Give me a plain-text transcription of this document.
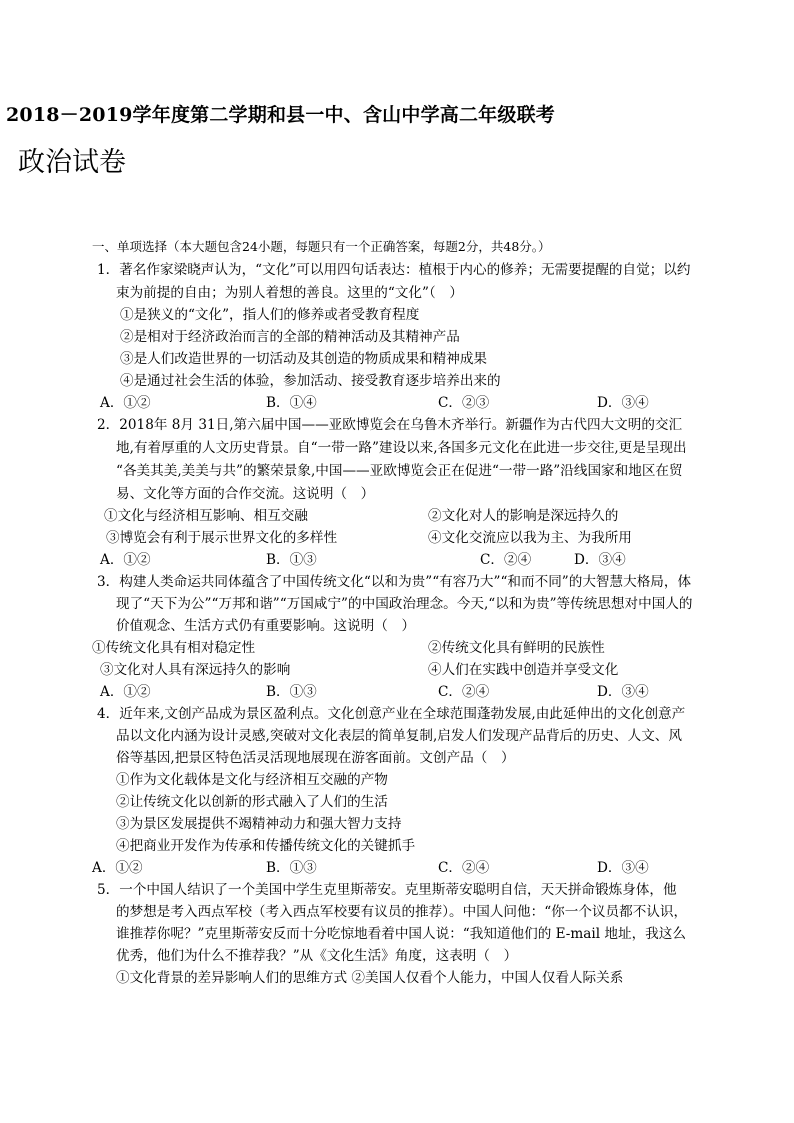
2018－2019学年度第二学期和县一中、含山中学高二年级联考
政治试卷
一、单项选择（本大题包含24小题，每题只有一个正确答案，每题2分，共48分。）
1．著名作家梁晓声认为，“文化”可以用四句话表达：植根于内心的修养；无需要提醒的自觉；以约
束为前提的自由；为别人着想的善良。这里的“文化”（　）
①是狭义的“文化”，指人们的修养或者受教育程度
②是相对于经济政治而言的全部的精神活动及其精神产品
③是人们改造世界的一切活动及其创造的物质成果和精神成果
④是通过社会生活的体验，参加活动、接受教育逐步培养出来的
A．①②	B．①④	C．②③	D．③④
2．2018年 8月 31日,第六届中国——亚欧博览会在乌鲁木齐举行。新疆作为古代四大文明的交汇
地,有着厚重的人文历史背景。自“一带一路”建设以来,各国多元文化在此进一步交往,更是呈现出
“各美其美,美美与共”的繁荣景象,中国——亚欧博览会正在促进“一带一路”沿线国家和地区在贸
易、文化等方面的合作交流。这说明（　）
①文化与经济相互影响、相互交融	②文化对人的影响是深远持久的
③博览会有利于展示世界文化的多样性	④文化交流应以我为主、为我所用
A．①②	B．①③	C．②④	D．③④
3．构建人类命运共同体蕴含了中国传统文化“以和为贵”“有容乃大”“和而不同”的大智慧大格局，体
现了“天下为公”“万邦和谐”“万国咸宁”的中国政治理念。今天,“以和为贵”等传统思想对中国人的
价值观念、生活方式仍有重要影响。这说明（　）
①传统文化具有相对稳定性	②传统文化具有鲜明的民族性
③文化对人具有深远持久的影响	④人们在实践中创造并享受文化
A．①②	B．①③	C．②④	D．③④
4．近年来,文创产品成为景区盈利点。文化创意产业在全球范围蓬勃发展,由此延伸出的文化创意产
品以文化内涵为设计灵感,突破对文化表层的简单复制,启发人们发现产品背后的历史、人文、风
俗等基因,把景区特色活灵活现地展现在游客面前。文创产品（　）
①作为文化载体是文化与经济相互交融的产物
②让传统文化以创新的形式融入了人们的生活
③为景区发展提供不竭精神动力和强大智力支持
④把商业开发作为传承和传播传统文化的关键抓手
A．①②	B．①③	C．②④	D．③④
5．一个中国人结识了一个美国中学生克里斯蒂安。克里斯蒂安聪明自信，天天拼命锻炼身体，他
的梦想是考入西点军校（考入西点军校要有议员的推荐）。中国人问他：“你一个议员都不认识，
谁推荐你呢？”克里斯蒂安反而十分吃惊地看着中国人说：“我知道他们的 E-mail 地址，我这么
优秀，他们为什么不推荐我？”从《文化生活》角度，这表明（　）
①文化背景的差异影响人们的思维方式 ②美国人仅看个人能力，中国人仅看人际关系
